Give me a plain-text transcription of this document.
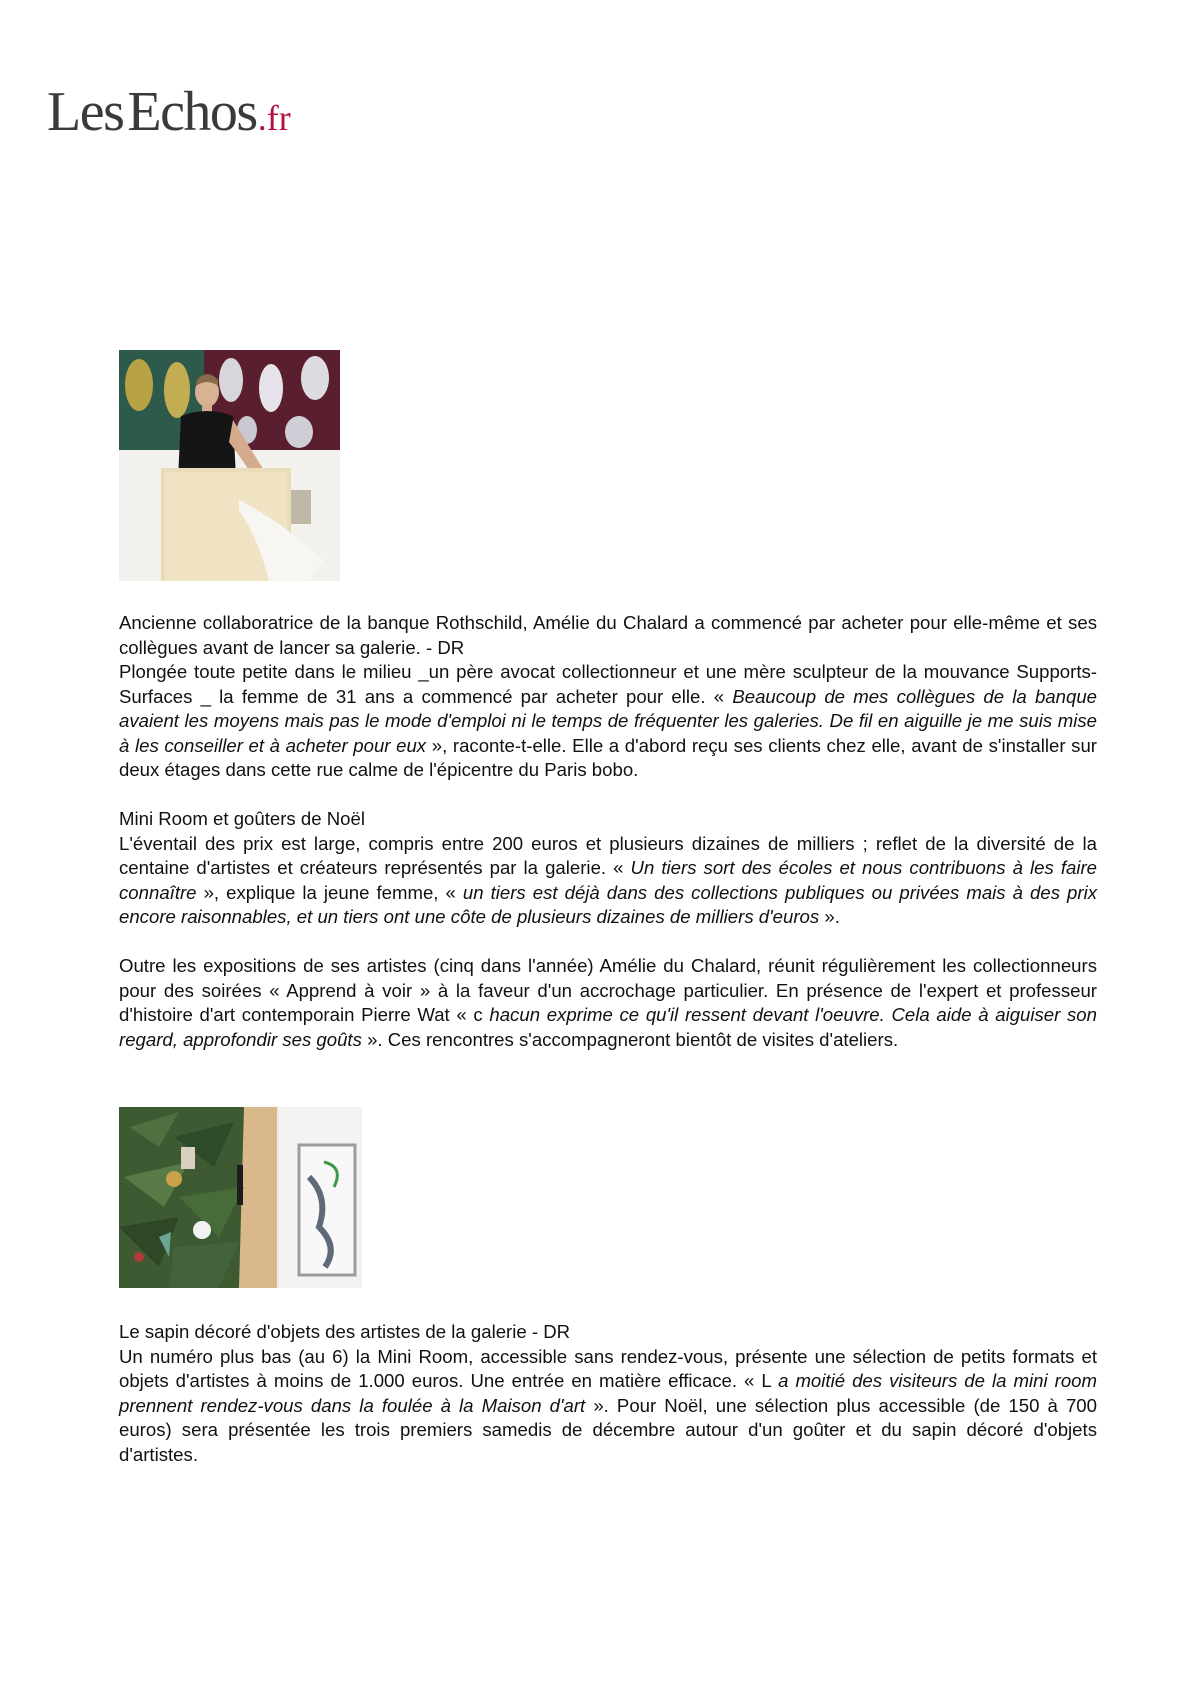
Les Echos .fr

Ancienne collaboratrice de la banque Rothschild, Amélie du Chalard a commencé par acheter pour elle-même et ses collègues avant de lancer sa galerie. - DR

Plongée toute petite dans le milieu _un père avocat collectionneur et une mère sculpteur de la mouvance Supports-Surfaces _ la femme de 31 ans a commencé par acheter pour elle. « Beaucoup de mes collègues de la banque avaient les moyens mais pas le mode d'emploi ni le temps de fréquenter les galeries. De fil en aiguille je me suis mise à les conseiller et à acheter pour eux », raconte-t-elle. Elle a d'abord reçu ses clients chez elle, avant de s'installer sur deux étages dans cette rue calme de l'épicentre du Paris bobo.

Mini Room et goûters de Noël

L'éventail des prix est large, compris entre 200 euros et plusieurs dizaines de milliers ; reflet de la diversité de la centaine d'artistes et créateurs représentés par la galerie. « Un tiers sort des écoles et nous contribuons à les faire connaître », explique la jeune femme, « un tiers est déjà dans des collections publiques ou privées mais à des prix encore raisonnables, et un tiers ont une côte de plusieurs dizaines de milliers d'euros ».

Outre les expositions de ses artistes (cinq dans l'année) Amélie du Chalard, réunit régulièrement les collectionneurs pour des soirées « Apprend à voir » à la faveur d'un accrochage particulier. En présence de l'expert et professeur d'histoire d'art contemporain Pierre Wat « c hacun exprime ce qu'il ressent devant l'oeuvre. Cela aide à aiguiser son regard, approfondir ses goûts ». Ces rencontres s'accompagneront bientôt de visites d'ateliers.

Le sapin décoré d'objets des artistes de la galerie - DR

Un numéro plus bas (au 6) la Mini Room, accessible sans rendez-vous, présente une sélection de petits formats et objets d'artistes à moins de 1.000 euros. Une entrée en matière efficace. « L a moitié des visiteurs de la mini room prennent rendez-vous dans la foulée à la Maison d'art ». Pour Noël, une sélection plus accessible (de 150 à 700 euros) sera présentée les trois premiers samedis de décembre autour d'un goûter et du sapin décoré d'objets d'artistes.
